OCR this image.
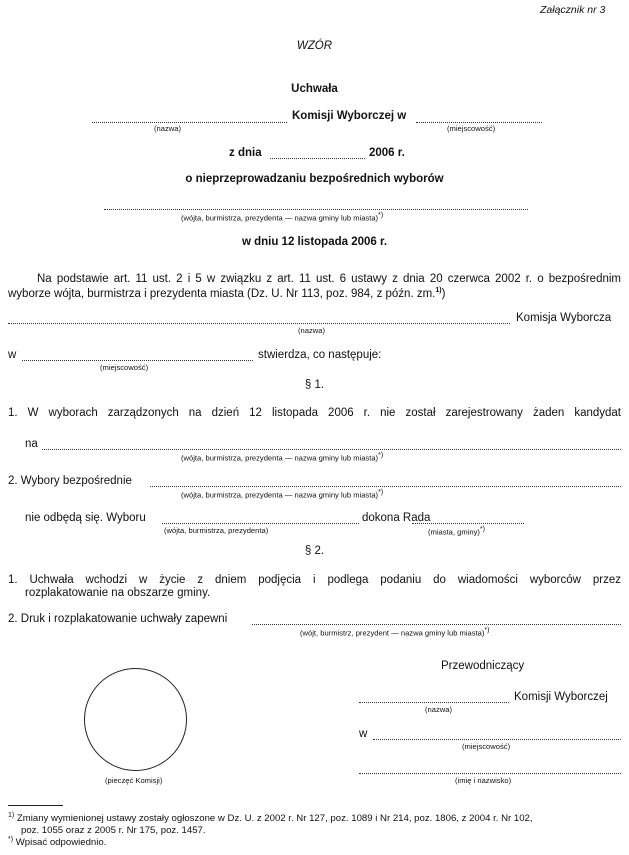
Załącznik nr 3
WZÓR
Uchwała
Komisji Wyborczej w
(nazwa)	(miejscowość)
z dnia	2006 r.
o nieprzeprowadzaniu bezpośrednich wyborów
(wójta, burmistrza, prezydenta — nazwa gminy lub miasta)*)
w dniu 12 listopada 2006 r.
Na podstawie art. 11 ust. 2 i 5 w związku z art. 11 ust. 6 ustawy z dnia 20 czerwca 2002 r. o bezpośrednim
wyborze wójta, burmistrza i prezydenta miasta (Dz. U. Nr 113, poz. 984, z późn. zm.$^{1)}$)
Komisja Wyborcza
(nazwa)
w	stwierdza, co następuje:
(miejscowość)
§ 1.
1. W wyborach zarządzonych na dzień 12 listopada 2006 r. nie został zarejestrowany żaden kandydat
na
(wójta, burmistrza, prezydenta — nazwa gminy lub miasta)*)
2. Wybory bezpośrednie
(wójta, burmistrza, prezydenta — nazwa gminy lub miasta)*)
nie odbędą się. Wyboru	dokona Rada
(wójta, burmistrza, prezydenta)	(miasta, gminy)*)
§ 2.
1. Uchwała wchodzi w życie z dniem podjęcia i podlega podaniu do wiadomości wyborców przez
rozplakatowanie na obszarze gminy.
2. Druk i rozplakatowanie uchwały zapewni
(wójt, burmistrz, prezydent — nazwa gminy lub miasta)*)
(pieczęć Komisji)
Przewodniczący
Komisji Wyborczej
(nazwa)
w
(miejscowość)
(imię i nazwisko)
$^{1)}$ Zmiany wymienionej ustawy zostały ogłoszone w Dz. U. z 2002 r. Nr 127, poz. 1089 i Nr 214, poz. 1806, z 2004 r. Nr 102,
poz. 1055 oraz z 2005 r. Nr 175, poz. 1457.
*) Wpisać odpowiednio.
